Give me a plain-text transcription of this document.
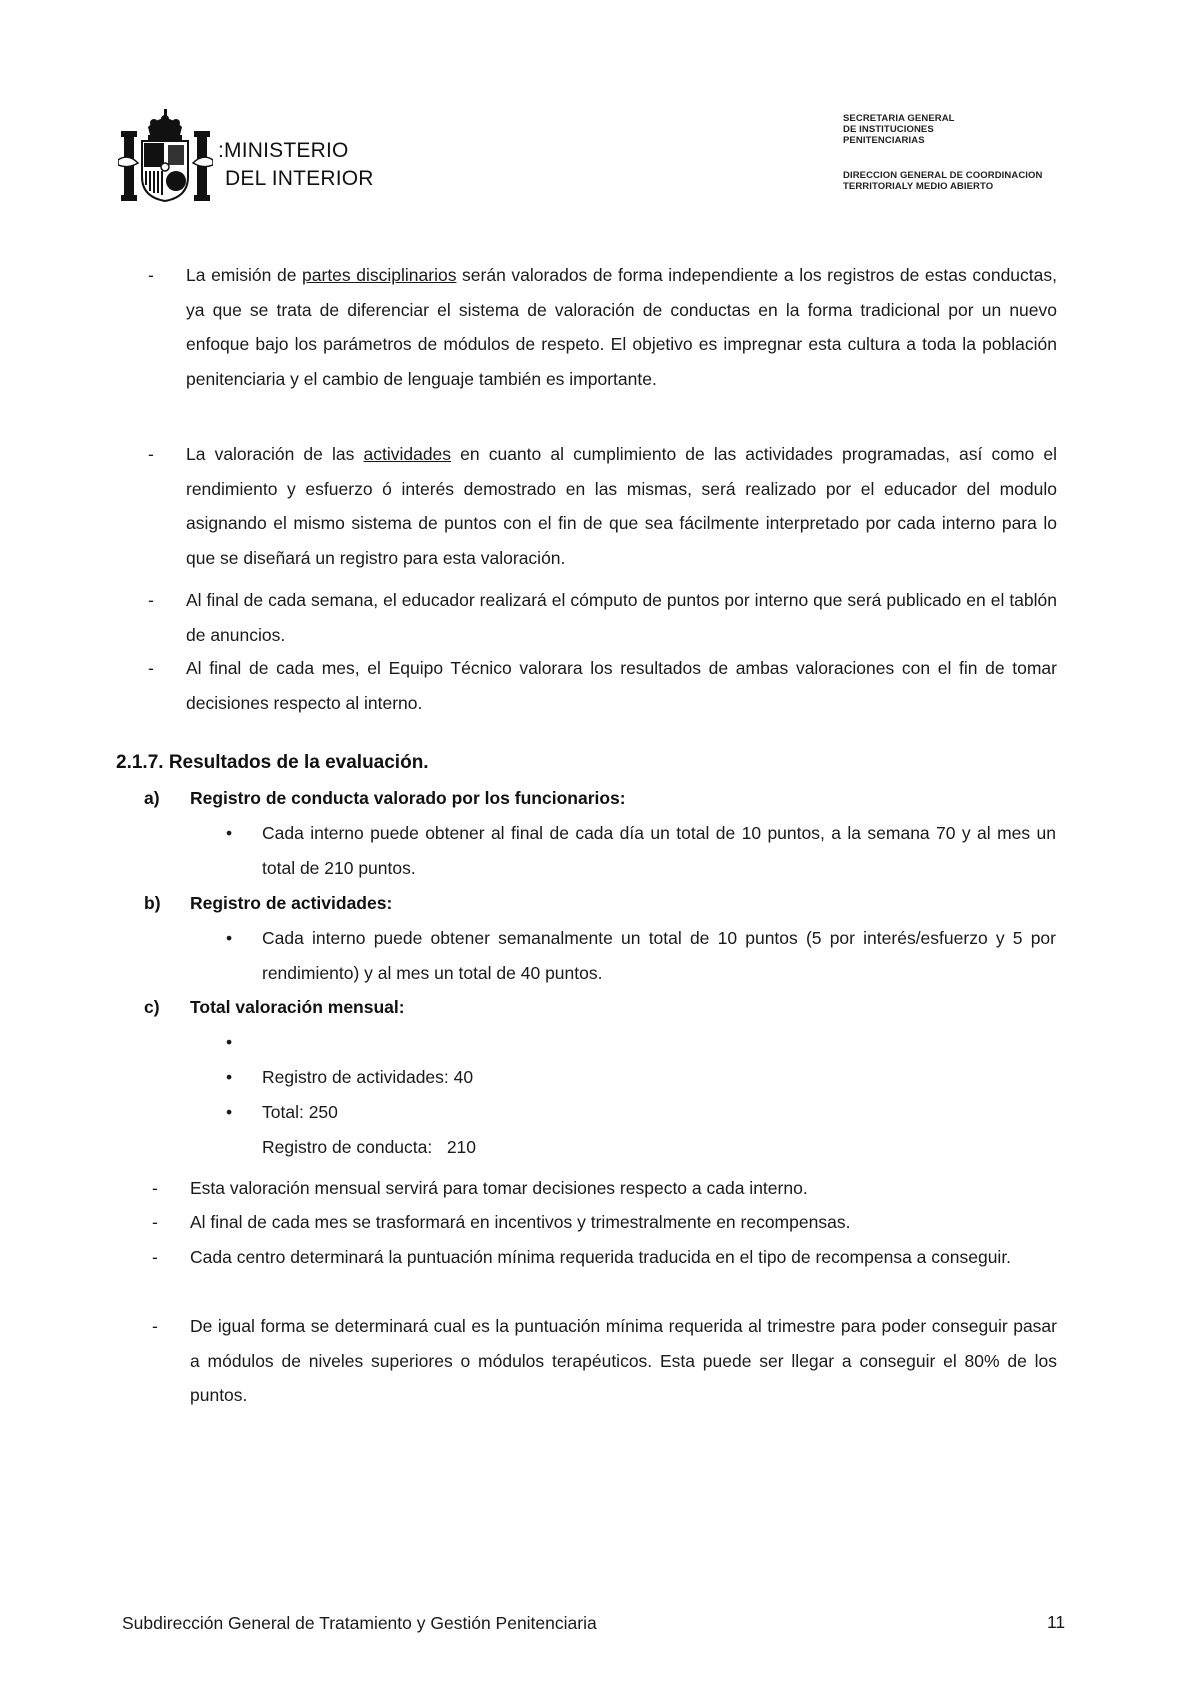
:MINISTERIO
DEL INTERIOR
SECRETARIA GENERAL
DE INSTITUCIONES
PENITENCIARIAS
DIRECCION GENERAL DE COORDINACION
TERRITORIALY MEDIO ABIERTO
-	La emisión de partes disciplinarios serán valorados de forma independiente a los registros de estas conductas, ya que se trata de diferenciar el sistema de valoración de conductas en la forma tradicional por un nuevo enfoque bajo los parámetros de módulos de respeto. El objetivo es impregnar esta cultura a toda la población penitenciaria y el cambio de lenguaje también es importante.
-	La valoración de las actividades en cuanto al cumplimiento de las actividades programadas, así como el rendimiento y esfuerzo ó interés demostrado en las mismas, será realizado por el educador del modulo asignando el mismo sistema de puntos con el fin de que sea fácilmente interpretado por cada interno para lo que se diseñará un registro para esta valoración.
-	Al final de cada semana, el educador realizará el cómputo de puntos por interno que será publicado en el tablón de anuncios.
-	Al final de cada mes, el Equipo Técnico valorara los resultados de ambas valoraciones con el fin de tomar decisiones respecto al interno.
2.1.7. Resultados de la evaluación.
a) Registro de conducta valorado por los funcionarios:
• Cada interno puede obtener al final de cada día un total de 10 puntos, a la semana 70 y al mes un total de 210 puntos.
b) Registro de actividades:
• Cada interno puede obtener semanalmente un total de 10 puntos (5 por interés/esfuerzo y 5 por rendimiento) y al mes un total de 40 puntos.
c) Total valoración mensual:

•

Registro de conducta:   210

• Registro de actividades: 40
• Total: 250
-	Esta valoración mensual servirá para tomar decisiones respecto a cada interno.
-	Al final de cada mes se trasformará en incentivos y trimestralmente en recompensas.
-	Cada centro determinará la puntuación mínima requerida traducida en el tipo de recompensa a conseguir.
-	De igual forma se determinará cual es la puntuación mínima requerida al trimestre para poder conseguir pasar a módulos de niveles superiores o módulos terapéuticos. Esta puede ser llegar a conseguir el 80% de los puntos.
Subdirección General de Tratamiento y Gestión Penitenciaria	11
